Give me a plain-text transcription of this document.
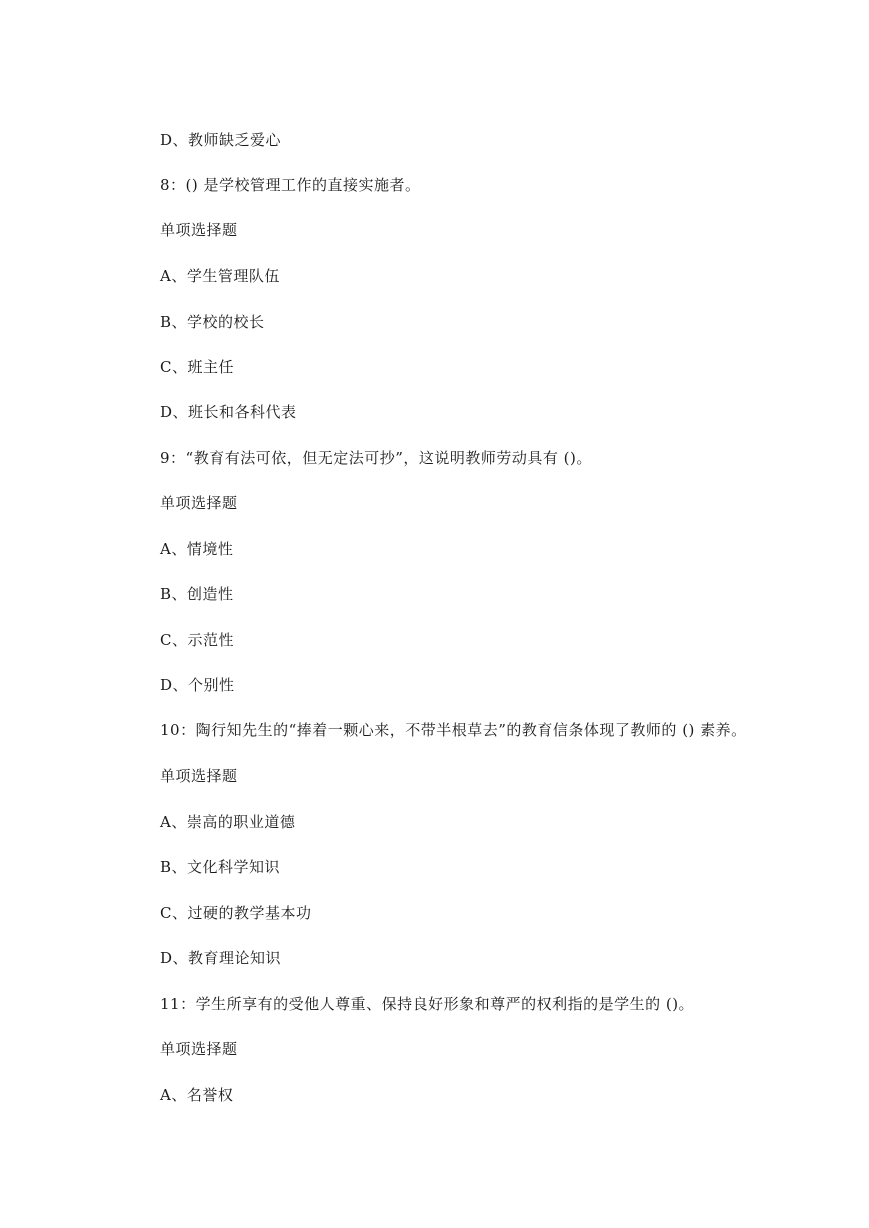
D、教师缺乏爱心
8：() 是学校管理工作的直接实施者。
单项选择题
A、学生管理队伍
B、学校的校长
C、班主任
D、班长和各科代表
9：“教育有法可依，但无定法可抄”，这说明教师劳动具有 ()。
单项选择题
A、情境性
B、创造性
C、示范性
D、个别性
10：陶行知先生的“捧着一颗心来，不带半根草去”的教育信条体现了教师的 () 素养。
单项选择题
A、崇高的职业道德
B、文化科学知识
C、过硬的教学基本功
D、教育理论知识
11：学生所享有的受他人尊重、保持良好形象和尊严的权利指的是学生的 ()。
单项选择题
A、名誉权
